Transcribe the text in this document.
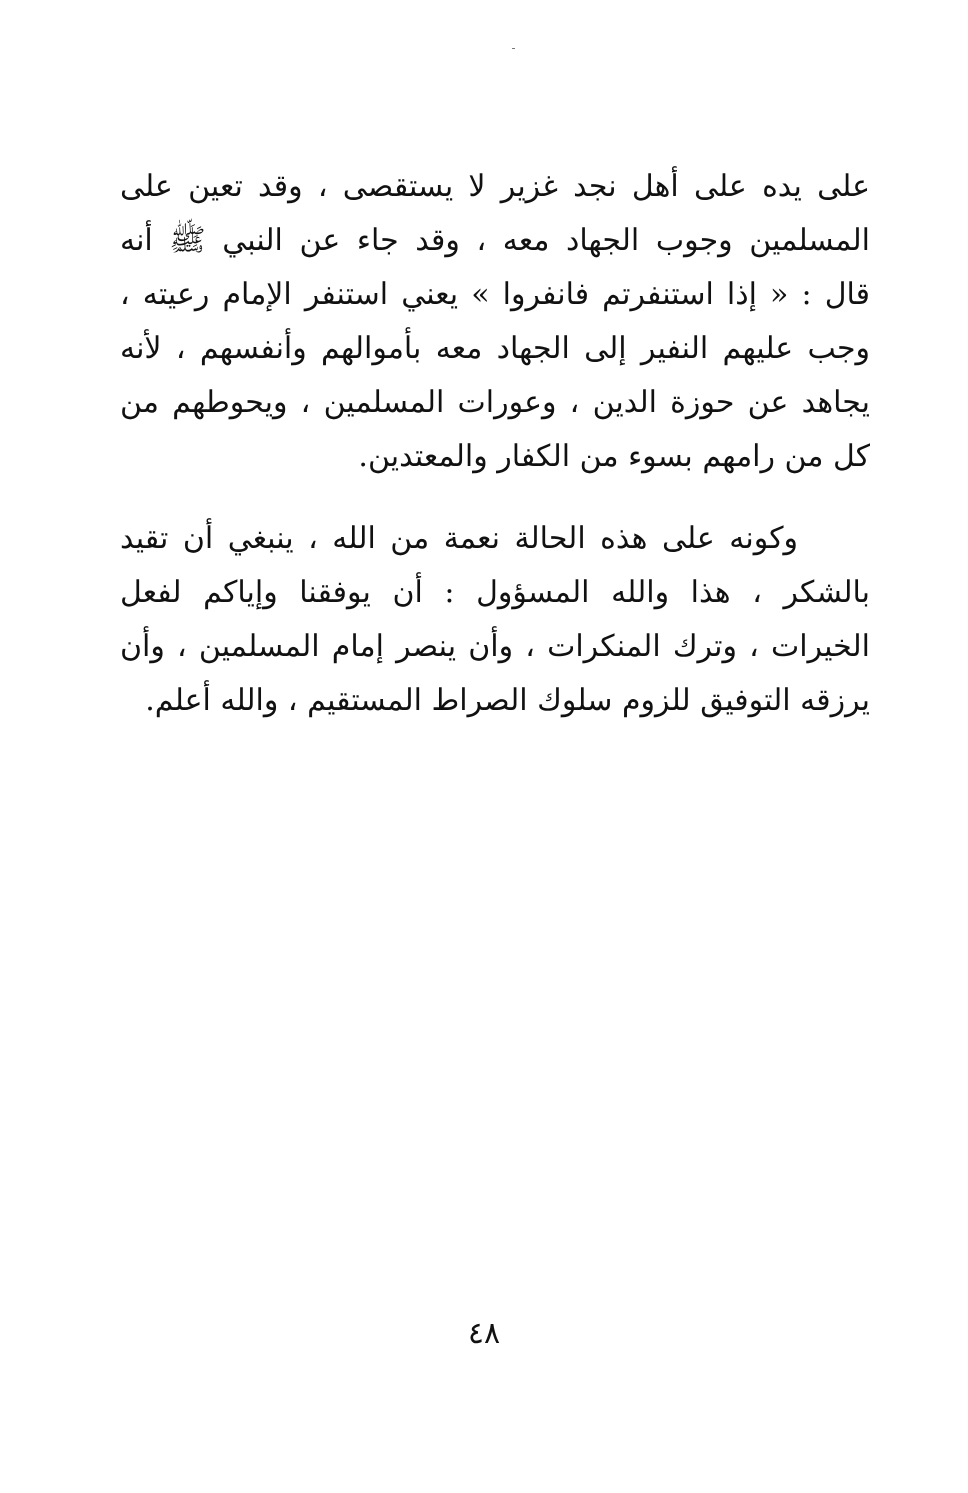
على يده على أهل نجد غزير لا يستقصى ، وقد تعين على
المسلمين وجوب الجهاد معه ، وقد جاء عن النبي ﷺ أنه
قال : « إذا استنفرتم فانفروا » يعني استنفر الإمام رعيته ،
وجب عليهم النفير إلى الجهاد معه بأموالهم وأنفسهم ، لأنه
يجاهد عن حوزة الدين ، وعورات المسلمين ، ويحوطهم من
كل من رامهم بسوء من الكفار والمعتدين.
وكونه على هذه الحالة نعمة من الله ، ينبغي أن تقيد
بالشكر ، هذا والله المسؤول : أن يوفقنا وإياكم لفعل
الخيرات ، وترك المنكرات ، وأن ينصر إمام المسلمين ، وأن
يرزقه التوفيق للزوم سلوك الصراط المستقيم ، والله أعلم.
٤٨
